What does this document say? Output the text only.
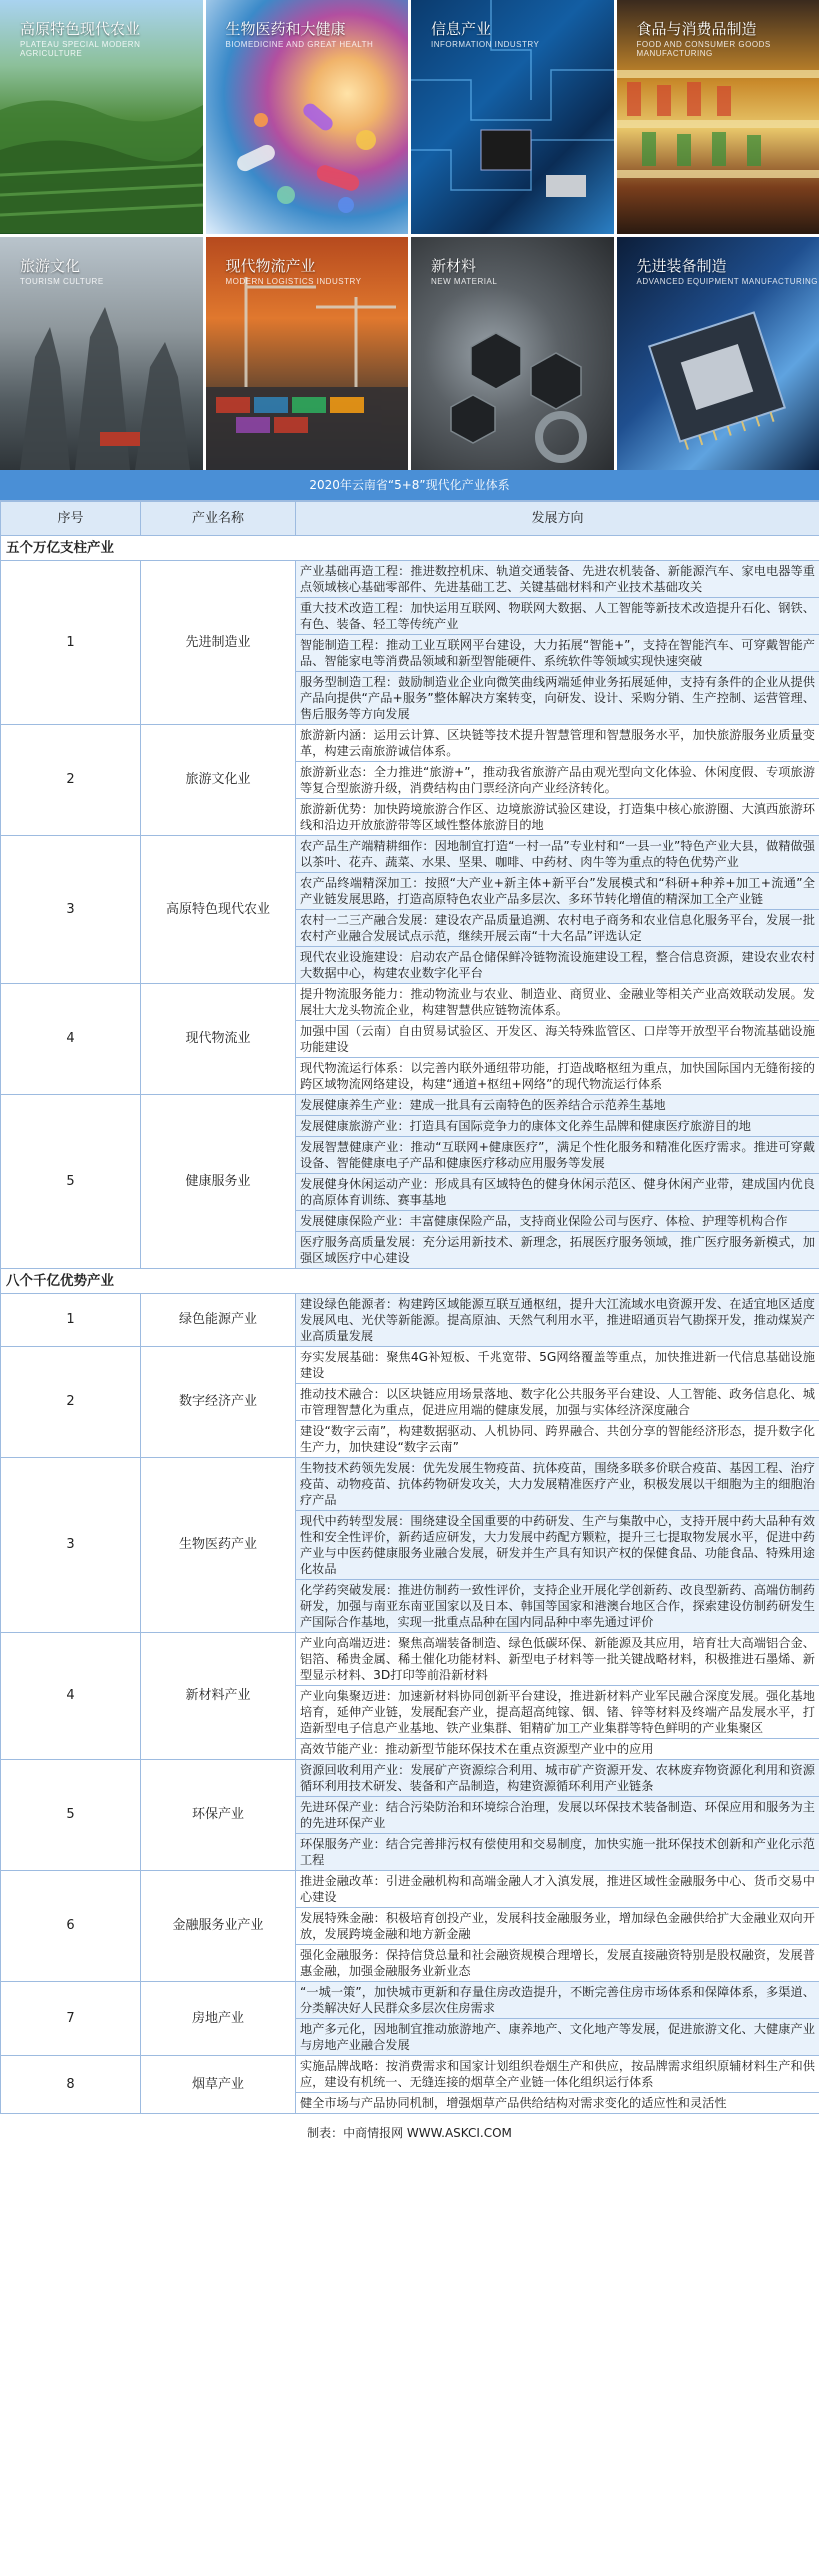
高原特色现代农业
PLATEAU SPECIAL MODERN AGRICULTURE
生物医药和大健康
BIOMEDICINE AND GREAT HEALTH
信息产业
INFORMATION INDUSTRY
食品与消费品制造
FOOD AND CONSUMER GOODS MANUFACTURING
旅游文化
TOURISM CULTURE
现代物流产业
MODERN LOGISTICS INDUSTRY
新材料
NEW MATERIAL
先进装备制造
ADVANCED EQUIPMENT MANUFACTURING
2020年云南省“5+8”现代化产业体系
序号	产业名称	发展方向
五个万亿支柱产业		
1	先进制造业	产业基础再造工程：推进数控机床、轨道交通装备、先进农机装备、新能源汽车、家电电器等重点领域核心基础零部件、先进基础工艺、关键基础材料和产业技术基础攻关
		重大技术改造工程：加快运用互联网、物联网大数据、人工智能等新技术改造提升石化、钢铁、有色、装备、轻工等传统产业
		智能制造工程：推动工业互联网平台建设，大力拓展“智能+”，支持在智能汽车、可穿戴智能产品、智能家电等消费品领域和新型智能硬件、系统软件等领域实现快速突破
		服务型制造工程：鼓励制造业企业向微笑曲线两端延伸业务拓展延伸，支持有条件的企业从提供产品向提供“产品+服务”整体解决方案转变，向研发、设计、采购分销、生产控制、运营管理、售后服务等方向发展
2	旅游文化业	旅游新内涵：运用云计算、区块链等技术提升智慧管理和智慧服务水平，加快旅游服务业质量变革，构建云南旅游诚信体系。
		旅游新业态：全力推进“旅游+”，推动我省旅游产品由观光型向文化体验、休闲度假、专项旅游等复合型旅游升级，消费结构由门票经济向产业经济转化。
		旅游新优势：加快跨境旅游合作区、边境旅游试验区建设，打造集中核心旅游圈、大滇西旅游环线和沿边开放旅游带等区域性整体旅游目的地
3	高原特色现代农业	农产品生产端精耕细作：因地制宜打造“一村一品”专业村和“一县一业”特色产业大县，做精做强以茶叶、花卉、蔬菜、水果、坚果、咖啡、中药材、肉牛等为重点的特色优势产业
		农产品终端精深加工：按照“大产业+新主体+新平台”发展模式和“科研+种养+加工+流通”全产业链发展思路，打造高原特色农业产品多层次、多环节转化增值的精深加工全产业链
		农村一二三产融合发展：建设农产品质量追溯、农村电子商务和农业信息化服务平台，发展一批农村产业融合发展试点示范，继续开展云南“十大名品”评选认定
		现代农业设施建设：启动农产品仓储保鲜冷链物流设施建设工程，整合信息资源，建设农业农村大数据中心，构建农业数字化平台
4	现代物流业	提升物流服务能力：推动物流业与农业、制造业、商贸业、金融业等相关产业高效联动发展。发展壮大龙头物流企业，构建智慧供应链物流体系。
		加强中国（云南）自由贸易试验区、开发区、海关特殊监管区、口岸等开放型平台物流基础设施功能建设
		现代物流运行体系：以完善内联外通纽带功能，打造战略枢纽为重点，加快国际国内无缝衔接的跨区域物流网络建设，构建“通道+枢纽+网络”的现代物流运行体系
5	健康服务业	发展健康养生产业：建成一批具有云南特色的医养结合示范养生基地
		发展健康旅游产业：打造具有国际竞争力的康体文化养生品牌和健康医疗旅游目的地
		发展智慧健康产业：推动“互联网+健康医疗”，满足个性化服务和精准化医疗需求。推进可穿戴设备、智能健康电子产品和健康医疗移动应用服务等发展
		发展健身休闲运动产业：形成具有区域特色的健身休闲示范区、健身休闲产业带，建成国内优良的高原体育训练、赛事基地
		发展健康保险产业：丰富健康保险产品，支持商业保险公司与医疗、体检、护理等机构合作
		医疗服务高质量发展：充分运用新技术、新理念，拓展医疗服务领域，推广医疗服务新模式，加强区域医疗中心建设
八个千亿优势产业		
1	绿色能源产业	建设绿色能源者：构建跨区域能源互联互通枢纽，提升大江流域水电资源开发、在适宜地区适度发展风电、光伏等新能源。提高原油、天然气利用水平，推进昭通页岩气勘探开发，推动煤炭产业高质量发展
2	数字经济产业	夯实发展基础：聚焦4G补短板、千兆宽带、5G网络覆盖等重点，加快推进新一代信息基础设施建设
		推动技术融合：以区块链应用场景落地、数字化公共服务平台建设、人工智能、政务信息化、城市管理智慧化为重点，促进应用端的健康发展，加强与实体经济深度融合
		建设“数字云南”，构建数据驱动、人机协同、跨界融合、共创分享的智能经济形态，提升数字化生产力，加快建设“数字云南”
3	生物医药产业	生物技术药领先发展：优先发展生物疫苗、抗体疫苗，围绕多联多价联合疫苗、基因工程、治疗疫苗、动物疫苗、抗体药物研发攻关，大力发展精准医疗产业，积极发展以干细胞为主的细胞治疗产品
		现代中药转型发展：围绕建设全国重要的中药研发、生产与集散中心，支持开展中药大品种有效性和安全性评价，新药适应研发，大力发展中药配方颗粒，提升三七提取物发展水平，促进中药产业与中医药健康服务业融合发展，研发并生产具有知识产权的保健食品、功能食品、特殊用途化妆品
		化学药突破发展：推进仿制药一致性评价，支持企业开展化学创新药、改良型新药、高端仿制药研发，加强与南亚东南亚国家以及日本、韩国等国家和港澳台地区合作，探索建设仿制药研发生产国际合作基地，实现一批重点品种在国内同品种中率先通过评价
4	新材料产业	产业向高端迈进：聚焦高端装备制造、绿色低碳环保、新能源及其应用，培育壮大高端铝合金、铝箔、稀贵金属、稀土催化功能材料、新型电子材料等一批关键战略材料，积极推进石墨烯、新型显示材料、3D打印等前沿新材料
		产业向集聚迈进：加速新材料协同创新平台建设，推进新材料产业军民融合深度发展。强化基地培育，延伸产业链，发展配套产业，提高超高纯镓、铟、锗、锌等材料及终端产品发展水平，打造新型电子信息产业基地、铁产业集群、钼精矿加工产业集群等特色鲜明的产业集聚区
		高效节能产业：推动新型节能环保技术在重点资源型产业中的应用
5	环保产业	资源回收利用产业：发展矿产资源综合利用、城市矿产资源开发、农林废弃物资源化利用和资源循环利用技术研发、装备和产品制造，构建资源循环利用产业链条
		先进环保产业：结合污染防治和环境综合治理，发展以环保技术装备制造、环保应用和服务为主的先进环保产业
		环保服务产业：结合完善排污权有偿使用和交易制度，加快实施一批环保技术创新和产业化示范工程
6	金融服务业产业	推进金融改革：引进金融机构和高端金融人才入滇发展，推进区域性金融服务中心、货币交易中心建设
		发展特殊金融：积极培育创投产业，发展科技金融服务业，增加绿色金融供给扩大金融业双向开放，发展跨境金融和地方新金融
		强化金融服务：保持信贷总量和社会融资规模合理增长，发展直接融资特别是股权融资，发展普惠金融，加强金融服务业新业态
7	房地产业	“一城一策”，加快城市更新和存量住房改造提升，不断完善住房市场体系和保障体系，多渠道、分类解决好人民群众多层次住房需求
		地产多元化，因地制宜推动旅游地产、康养地产、文化地产等发展，促进旅游文化、大健康产业与房地产业融合发展
8	烟草产业	实施品牌战略：按消费需求和国家计划组织卷烟生产和供应，按品牌需求组织原辅材料生产和供应，建设有机统一、无缝连接的烟草全产业链一体化组织运行体系
		健全市场与产品协同机制，增强烟草产品供给结构对需求变化的适应性和灵活性
制表：中商情报网 WWW.ASKCI.COM
